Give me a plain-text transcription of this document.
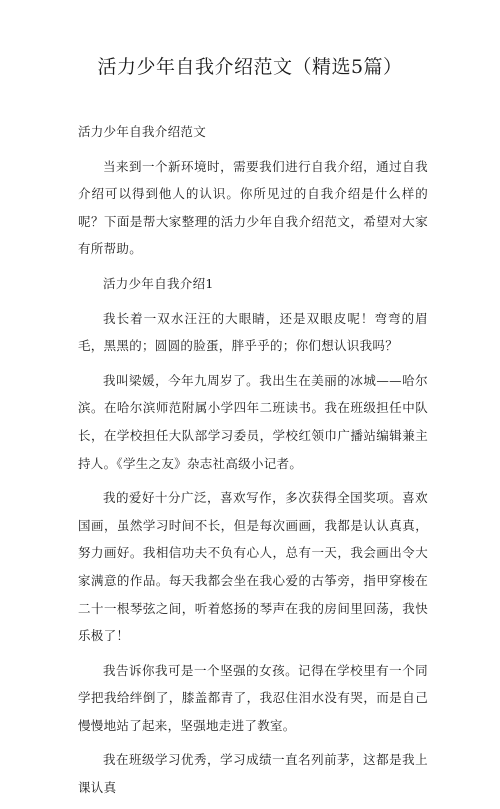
活力少年自我介绍范文（精选5篇）

活力少年自我介绍范文

当来到一个新环境时，需要我们进行自我介绍，通过自我介绍可以得到他人的认识。你所见过的自我介绍是什么样的呢？下面是帮大家整理的活力少年自我介绍范文，希望对大家有所帮助。

活力少年自我介绍1

我长着一双水汪汪的大眼睛，还是双眼皮呢！弯弯的眉毛，黑黑的；圆圆的脸蛋，胖乎乎的；你们想认识我吗？

我叫梁媛，今年九周岁了。我出生在美丽的冰城——哈尔滨。在哈尔滨师范附属小学四年二班读书。我在班级担任中队长，在学校担任大队部学习委员，学校红领巾广播站编辑兼主持人。《学生之友》杂志社高级小记者。

我的爱好十分广泛，喜欢写作，多次获得全国奖项。喜欢国画，虽然学习时间不长，但是每次画画，我都是认认真真，努力画好。我相信功夫不负有心人，总有一天，我会画出令大家满意的作品。每天我都会坐在我心爱的古筝旁，指甲穿梭在二十一根琴弦之间，听着悠扬的琴声在我的房间里回荡，我快乐极了！

我告诉你我可是一个坚强的女孩。记得在学校里有一个同学把我给绊倒了，膝盖都青了，我忍住泪水没有哭，而是自己慢慢地站了起来，坚强地走进了教室。

我在班级学习优秀，学习成绩一直名列前茅，这都是我上课认真
